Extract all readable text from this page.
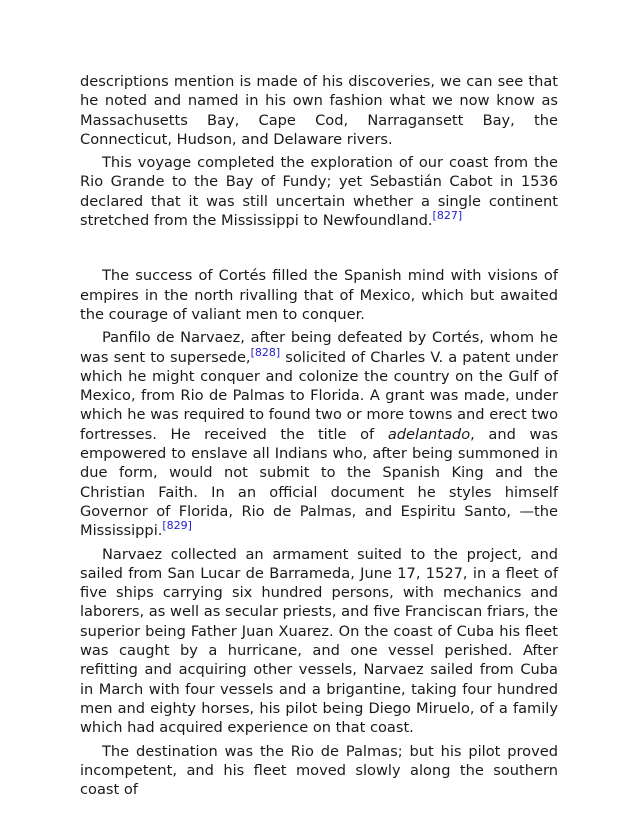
descriptions mention is made of his discoveries, we can see that he noted and named in his own fashion what we now know as Massachusetts Bay, Cape Cod, Narragansett Bay, the Connecticut, Hudson, and Delaware rivers.

This voyage completed the exploration of our coast from the Rio Grande to the Bay of Fundy; yet Sebastián Cabot in 1536 declared that it was still uncertain whether a single continent stretched from the Mississippi to Newfoundland.[827]

The success of Cortés filled the Spanish mind with visions of empires in the north rivalling that of Mexico, which but awaited the courage of valiant men to conquer.

Panfilo de Narvaez, after being defeated by Cortés, whom he was sent to supersede,[828] solicited of Charles V. a patent under which he might conquer and colonize the country on the Gulf of Mexico, from Rio de Palmas to Florida. A grant was made, under which he was required to found two or more towns and erect two fortresses. He received the title of adelantado, and was empowered to enslave all Indians who, after being summoned in due form, would not submit to the Spanish King and the Christian Faith. In an official document he styles himself Governor of Florida, Rio de Palmas, and Espiritu Santo, —the Mississippi.[829]

Narvaez collected an armament suited to the project, and sailed from San Lucar de Barrameda, June 17, 1527, in a fleet of five ships carrying six hundred persons, with mechanics and laborers, as well as secular priests, and five Franciscan friars, the superior being Father Juan Xuarez. On the coast of Cuba his fleet was caught by a hurricane, and one vessel perished. After refitting and acquiring other vessels, Narvaez sailed from Cuba in March with four vessels and a brigantine, taking four hundred men and eighty horses, his pilot being Diego Miruelo, of a family which had acquired experience on that coast.

The destination was the Rio de Palmas; but his pilot proved incompetent, and his fleet moved slowly along the southern coast of
